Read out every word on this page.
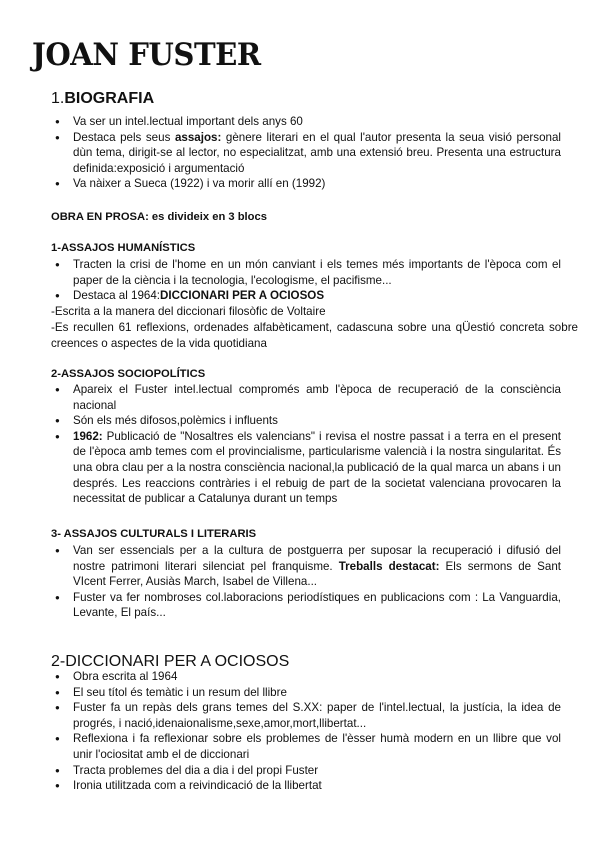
JOAN FUSTER
1.BIOGRAFIA
● Va ser un intel.lectual important dels anys 60
● Destaca pels seus assajos: gènere literari en el qual l'autor presenta la seua visió personal dùn tema, dirigit-se al lector, no especialitzat, amb una extensió breu. Presenta una estructura definida:exposició i argumentació
● Va nàixer a Sueca (1922) i va morir allí en (1992)

OBRA EN PROSA: es divideix en 3 blocs

1-ASSAJOS HUMANÍSTICS

● Tracten la crisi de l'home en un món canviant i els temes més importants de l'època com el paper de la ciència i la tecnologia, l'ecologisme, el pacifisme...
● Destaca al 1964:DICCIONARI PER A OCIOSOS

-Escrita a la manera del diccionari filosòfic de Voltaire

-Es recullen 61 reflexions, ordenades alfabèticament, cadascuna sobre una qÜestió concreta sobre creences o aspectes de la vida quotidiana

2-ASSAJOS SOCIOPOLÍTICS

● Apareix el Fuster intel.lectual compromés amb l'època de recuperació de la consciència nacional
● Són els més difosos,polèmics i influents
● 1962: Publicació de "Nosaltres els valencians" i revisa el nostre passat i a terra en el present de l'època amb temes com el provincialisme, particularisme valencià i la nostra singularitat. És una obra clau per a la nostra consciència nacional,la publicació de la qual marca un abans i un després. Les reaccions contràries i el rebuig de part de la societat valenciana provocaren la necessitat de publicar a Catalunya durant un temps

3- ASSAJOS CULTURALS I LITERARIS

● Van ser essencials per a la cultura de postguerra per suposar la recuperació i difusió del nostre patrimoni literari silenciat pel franquisme. Treballs destacat: Els sermons de Sant VIcent Ferrer, Ausiàs March, Isabel de Villena...
● Fuster va fer nombroses col.laboracions periodístiques en publicacions com : La Vanguardia, Levante, El país...
2-DICCIONARI PER A OCIOSOS
● Obra escrita al 1964
● El seu títol és temàtic i un resum del llibre
● Fuster fa un repàs dels grans temes del S.XX: paper de l'intel.lectual, la justícia, la idea de progrés, i nació,idenaionalisme,sexe,amor,mort,llibertat...
● Reflexiona i fa reflexionar sobre els problemes de l'èsser humà modern en un llibre que vol unir l'ociositat amb el de diccionari
● Tracta problemes del dia a dia i del propi Fuster
● Ironia utilitzada com a reivindicació de la llibertat
